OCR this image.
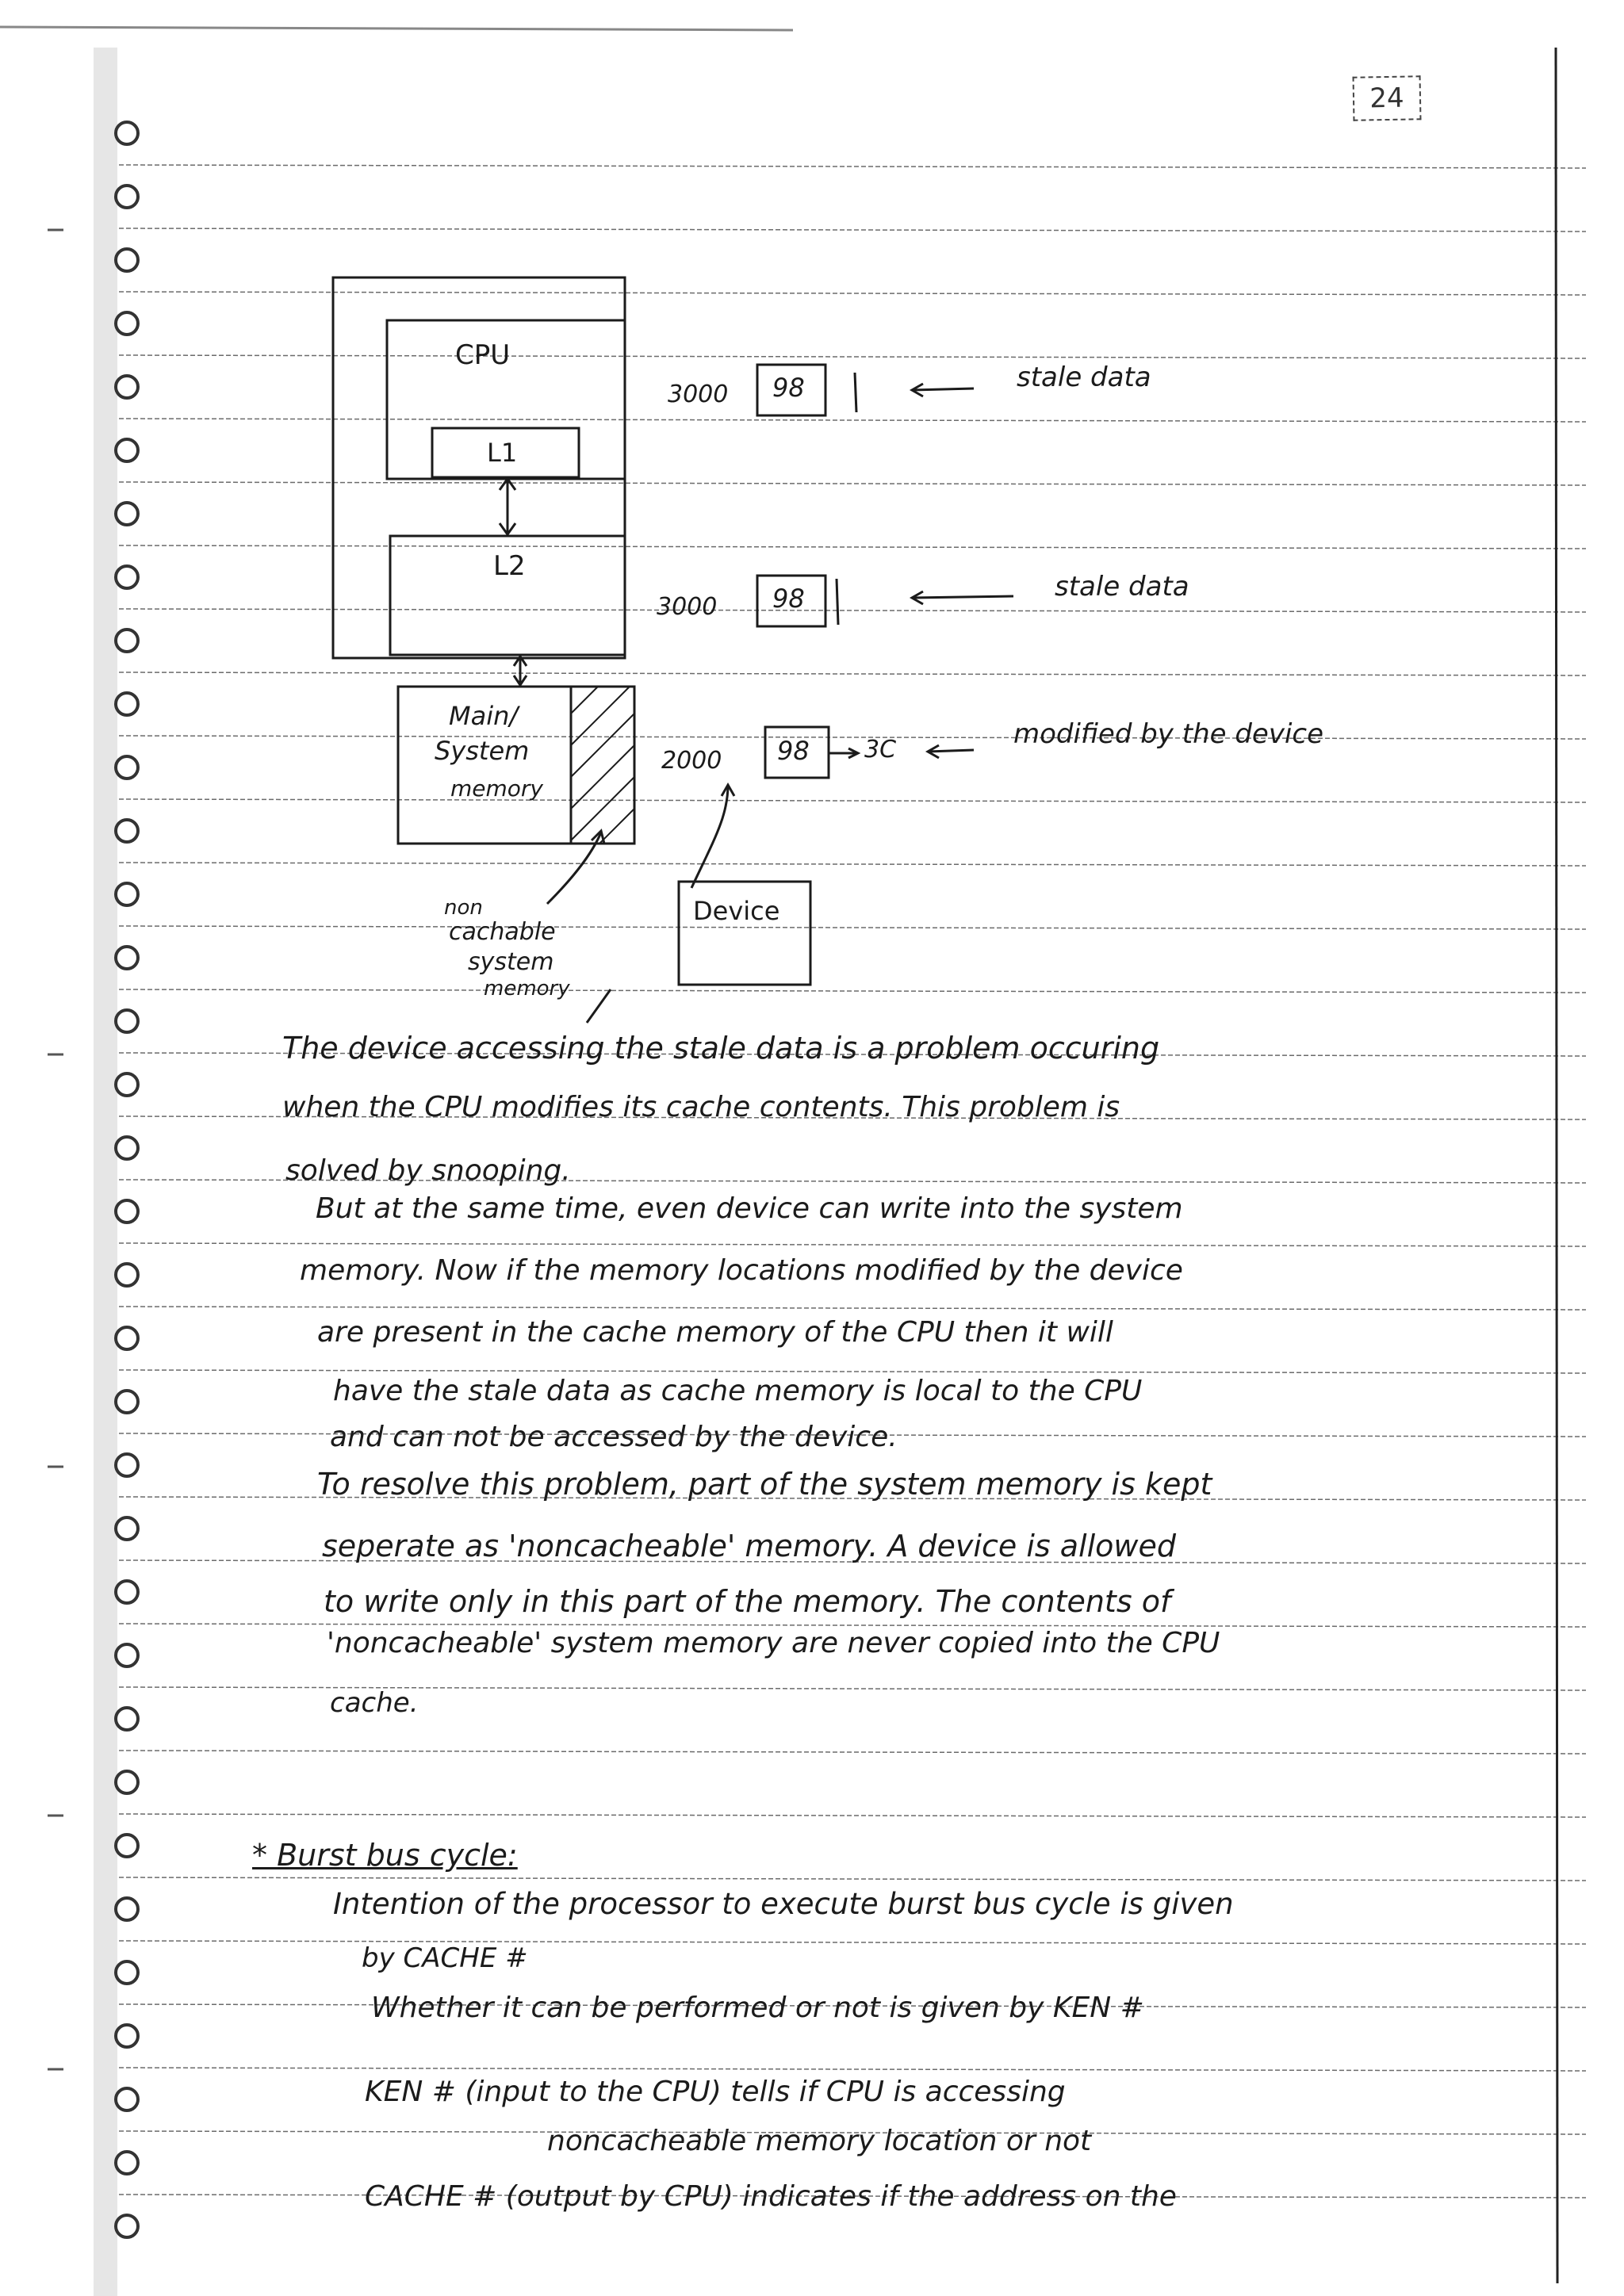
24
CPU
L1
L2
Main/
System
memory
Device
non
cachable
system
memory
3000 98	stale data
3000 98	stale data
2000 98 3C	modified by the device
The device accessing the stale data is a problem occuring
when the CPU modifies its cache contents. This problem is
solved by snooping.
But at the same time, even device can write into the system
memory. Now if the memory locations modified by the device
are present in the cache memory of the CPU then it will
have the stale data as cache memory is local to the CPU
and can not be accessed by the device.
To resolve this problem, part of the system memory is kept
seperate as 'noncacheable' memory. A device is allowed
to write only in this part of the memory. The contents of
'noncacheable' system memory are never copied into the CPU
cache.
* Burst bus cycle:
Intention of the processor to execute burst bus cycle is given
by CACHE #
Whether it can be performed or not is given by KEN #
KEN # (input to the CPU) tells if CPU is accessing
noncacheable memory location or not
CACHE # (output by CPU) indicates if the address on the
